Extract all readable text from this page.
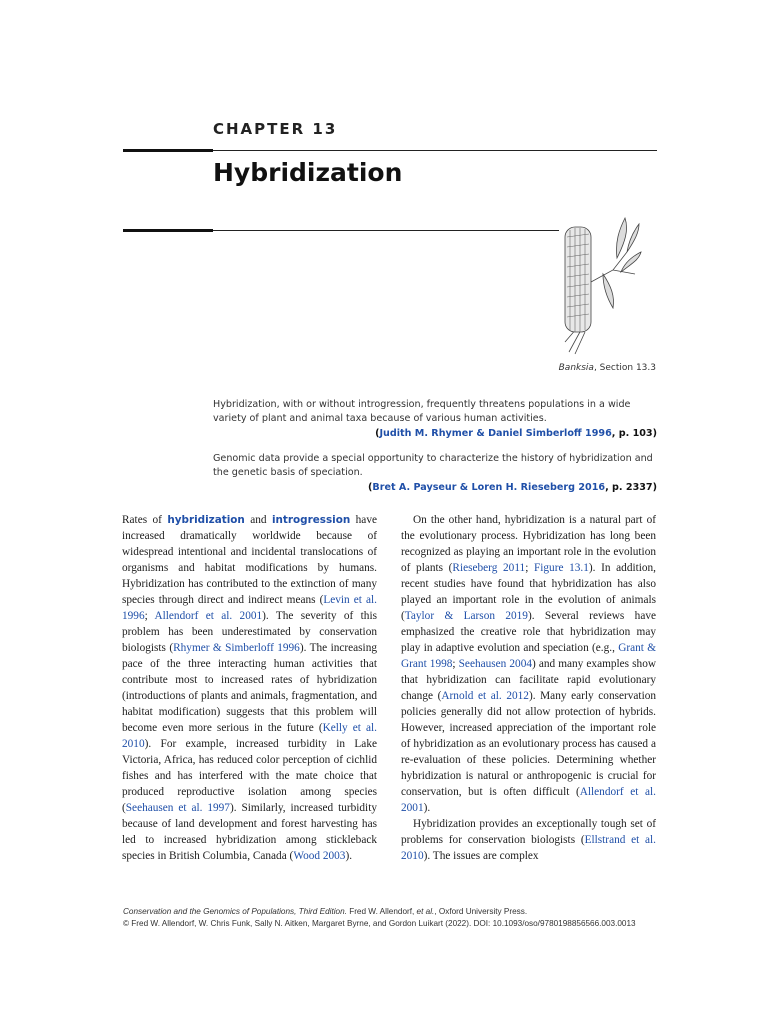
CHAPTER 13
Hybridization
Banksia, Section 13.3

Hybridization, with or without introgression, frequently threatens populations in a wide variety of plant and animal taxa because of various human activities.

(Judith M. Rhymer & Daniel Simberloff 1996, p. 103)

Genomic data provide a special opportunity to characterize the history of hybridization and the genetic basis of speciation.

(Bret A. Payseur & Loren H. Rieseberg 2016, p. 2337)

Rates of hybridization and introgression have increased dramatically worldwide because of widespread intentional and incidental translocations of organisms and habitat modifications by humans. Hybridization has contributed to the extinction of many species through direct and indirect means (Levin et al. 1996; Allendorf et al. 2001). The severity of this problem has been underestimated by conservation biologists (Rhymer & Simberloff 1996). The increasing pace of the three interacting human activities that contribute most to increased rates of hybridization (introductions of plants and animals, fragmentation, and habitat modification) suggests that this problem will become even more serious in the future (Kelly et al. 2010). For example, increased turbidity in Lake Victoria, Africa, has reduced color perception of cichlid fishes and has interfered with the mate choice that produced reproductive isolation among species (Seehausen et al. 1997). Similarly, increased turbidity because of land development and forest harvesting has led to increased hybridization among stickleback species in British Columbia, Canada (Wood 2003).

On the other hand, hybridization is a natural part of the evolutionary process. Hybridization has long been recognized as playing an important role in the evolution of plants (Rieseberg 2011; Figure 13.1). In addition, recent studies have found that hybridization has also played an important role in the evolution of animals (Taylor & Larson 2019). Several reviews have emphasized the creative role that hybridization may play in adaptive evolution and speciation (e.g., Grant & Grant 1998; Seehausen 2004) and many examples show that hybridization can facilitate rapid evolutionary change (Arnold et al. 2012). Many early conservation policies generally did not allow protection of hybrids. However, increased appreciation of the important role of hybridization as an evolutionary process has caused a re-evaluation of these policies. Determining whether hybridization is natural or anthropogenic is crucial for conservation, but is often difficult (Allendorf et al. 2001).

Hybridization provides an exceptionally tough set of problems for conservation biologists (Ellstrand et al. 2010). The issues are complex

Conservation and the Genomics of Populations, Third Edition. Fred W. Allendorf, et al., Oxford University Press.

© Fred W. Allendorf, W. Chris Funk, Sally N. Aitken, Margaret Byrne, and Gordon Luikart (2022). DOI: 10.1093/oso/9780198856566.003.0013
